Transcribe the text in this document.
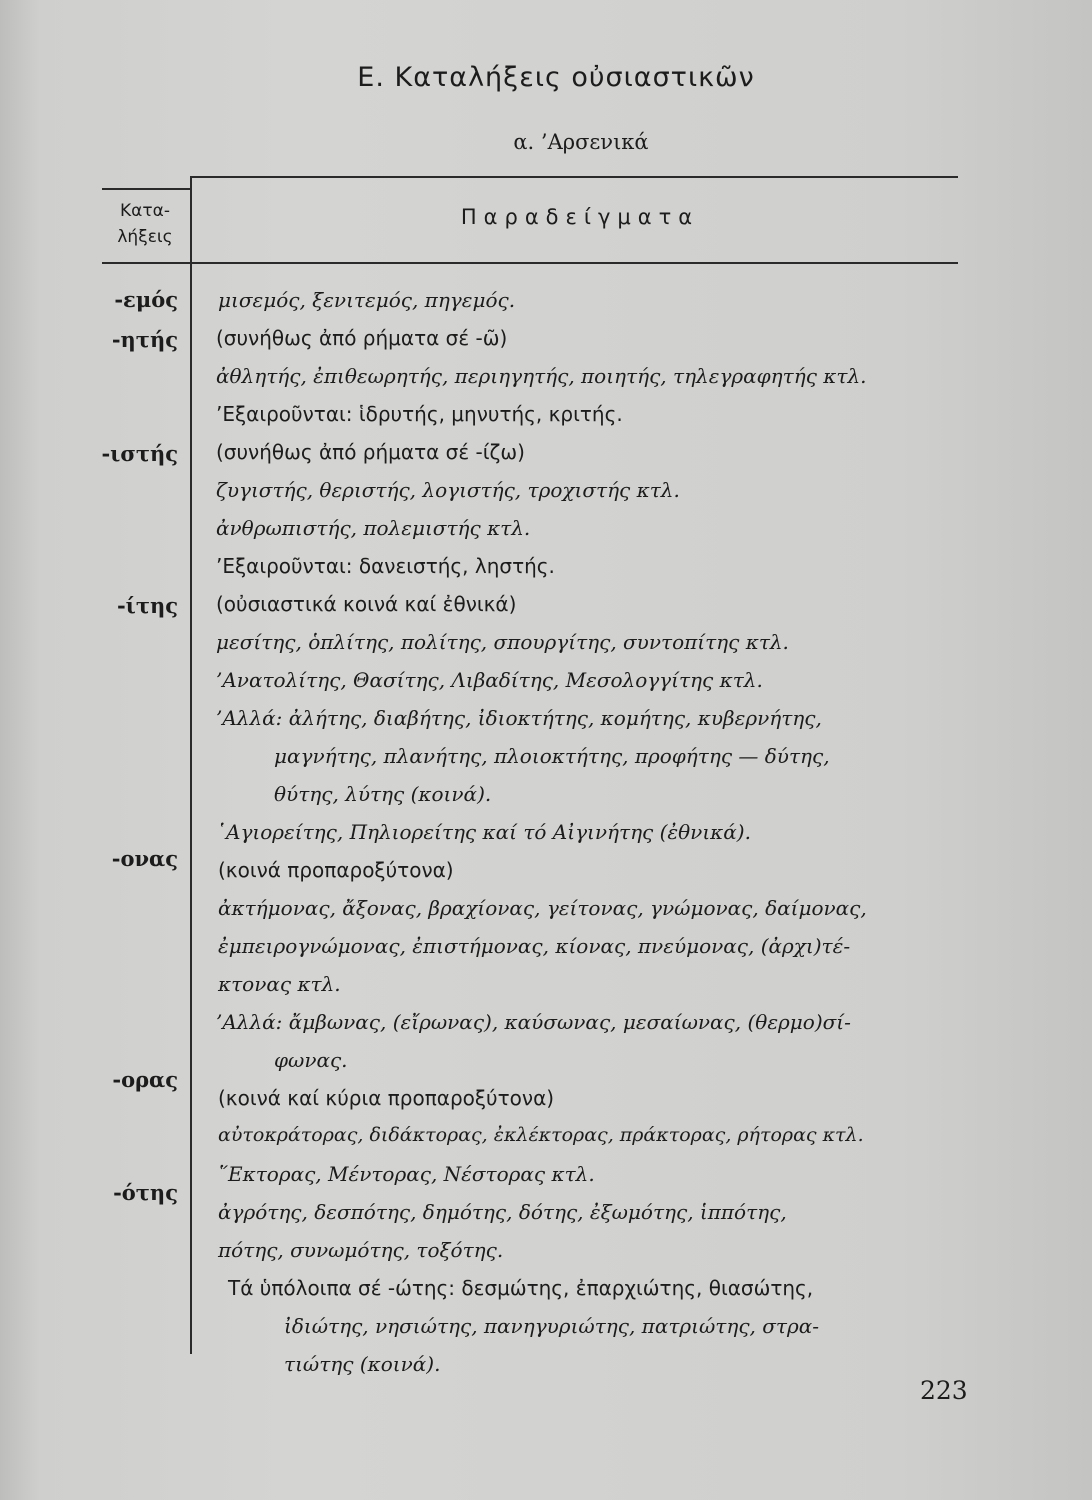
Ε. Καταλήξεις οὐσιαστικῶν
α. ’Αρσενικά
Κατα-
λήξεις
Παραδείγματα
-εμός
-ητής
-ιστής
-ίτης
-ονας
-ορας
-ότης
μισεμός, ξενιτεμός, πηγεμός.
(συνήθως ἀπό ρήματα σέ -ῶ)
ἀθλητής, ἐπιθεωρητής, περιηγητής, ποιητής, τηλεγραφητής κτλ.
’Εξαιροῦνται: ἱδρυτής, μηνυτής, κριτής.
(συνήθως ἀπό ρήματα σέ -ίζω)
ζυγιστής, θεριστής, λογιστής, τροχιστής κτλ.
ἀνθρωπιστής, πολεμιστής κτλ.
’Εξαιροῦνται: δανειστής, ληστής.
(οὐσιαστικά κοινά καί ἐθνικά)
μεσίτης, ὁπλίτης, πολίτης, σπουργίτης, συντοπίτης κτλ.
’Ανατολίτης, Θασίτης, Λιβαδίτης, Μεσολογγίτης κτλ.
’Αλλά: ἀλήτης, διαβήτης, ἰδιοκτήτης, κομήτης, κυβερνήτης,
μαγνήτης, πλανήτης, πλοιοκτήτης, προφήτης — δύτης,
θύτης, λύτης (κοινά).
῾Αγιορείτης, Πηλιορείτης καί τό Αἰγινήτης (ἐθνικά).
(κοινά προπαροξύτονα)
ἀκτήμονας, ἄξονας, βραχίονας, γείτονας, γνώμονας, δαίμονας,
ἐμπειρογνώμονας, ἐπιστήμονας, κίονας, πνεύμονας, (ἀρχι)τέ-
κτονας κτλ.
’Αλλά: ἄμβωνας, (εἴρωνας), καύσωνας, μεσαίωνας, (θερμο)σί-
φωνας.
(κοινά καί κύρια προπαροξύτονα)
αὐτοκράτορας, διδάκτορας, ἐκλέκτορας, πράκτορας, ρήτορας κτλ.
῞Εκτορας, Μέντορας, Νέστορας κτλ.
ἀγρότης, δεσπότης, δημότης, δότης, ἐξωμότης, ἱππότης,
πότης, συνωμότης, τοξότης.
Τά ὑπόλοιπα σέ -ώτης: δεσμώτης, ἐπαρχιώτης, θιασώτης,
ἰδιώτης, νησιώτης, πανηγυριώτης, πατριώτης, στρα-
τιώτης (κοινά).
223
